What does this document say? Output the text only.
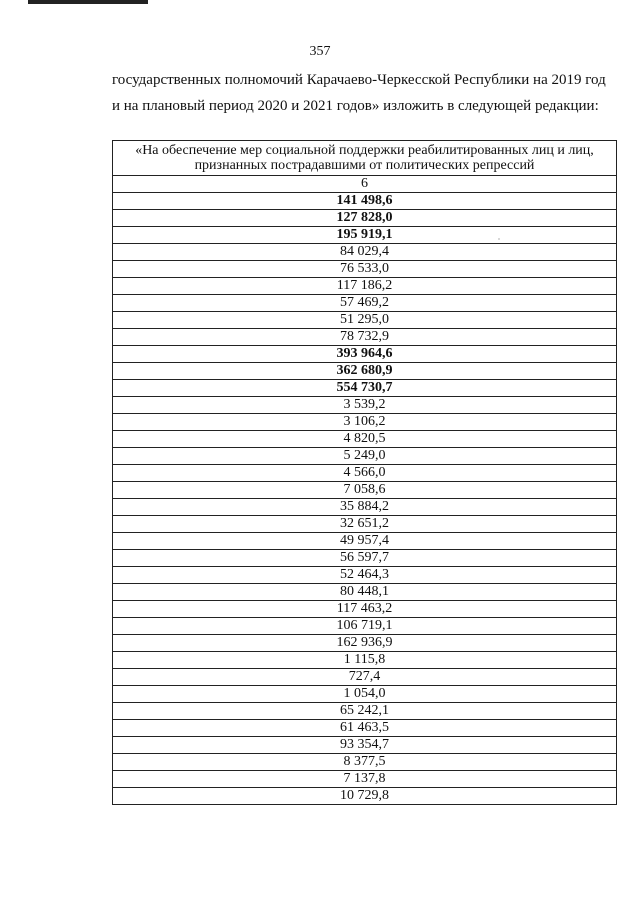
357
государственных полномочий Карачаево-Черкесской Республики на 2019 год
и на плановый период 2020 и 2021 годов» изложить в следующей редакции:
«На обеспечение мер социальной поддержки реабилитированных лиц и лиц,
признанных пострадавшими от политических репрессий

6
141 498,6
127 828,0
195 919,1
84 029,4
76 533,0
117 186,2
57 469,2
51 295,0
78 732,9
393 964,6
362 680,9
554 730,7
3 539,2
3 106,2
4 820,5
5 249,0
4 566,0
7 058,6
35 884,2
32 651,2
49 957,4
56 597,7
52 464,3
80 448,1
117 463,2
106 719,1
162 936,9
1 115,8
727,4
1 054,0
65 242,1
61 463,5
93 354,7
8 377,5
7 137,8
10 729,8
